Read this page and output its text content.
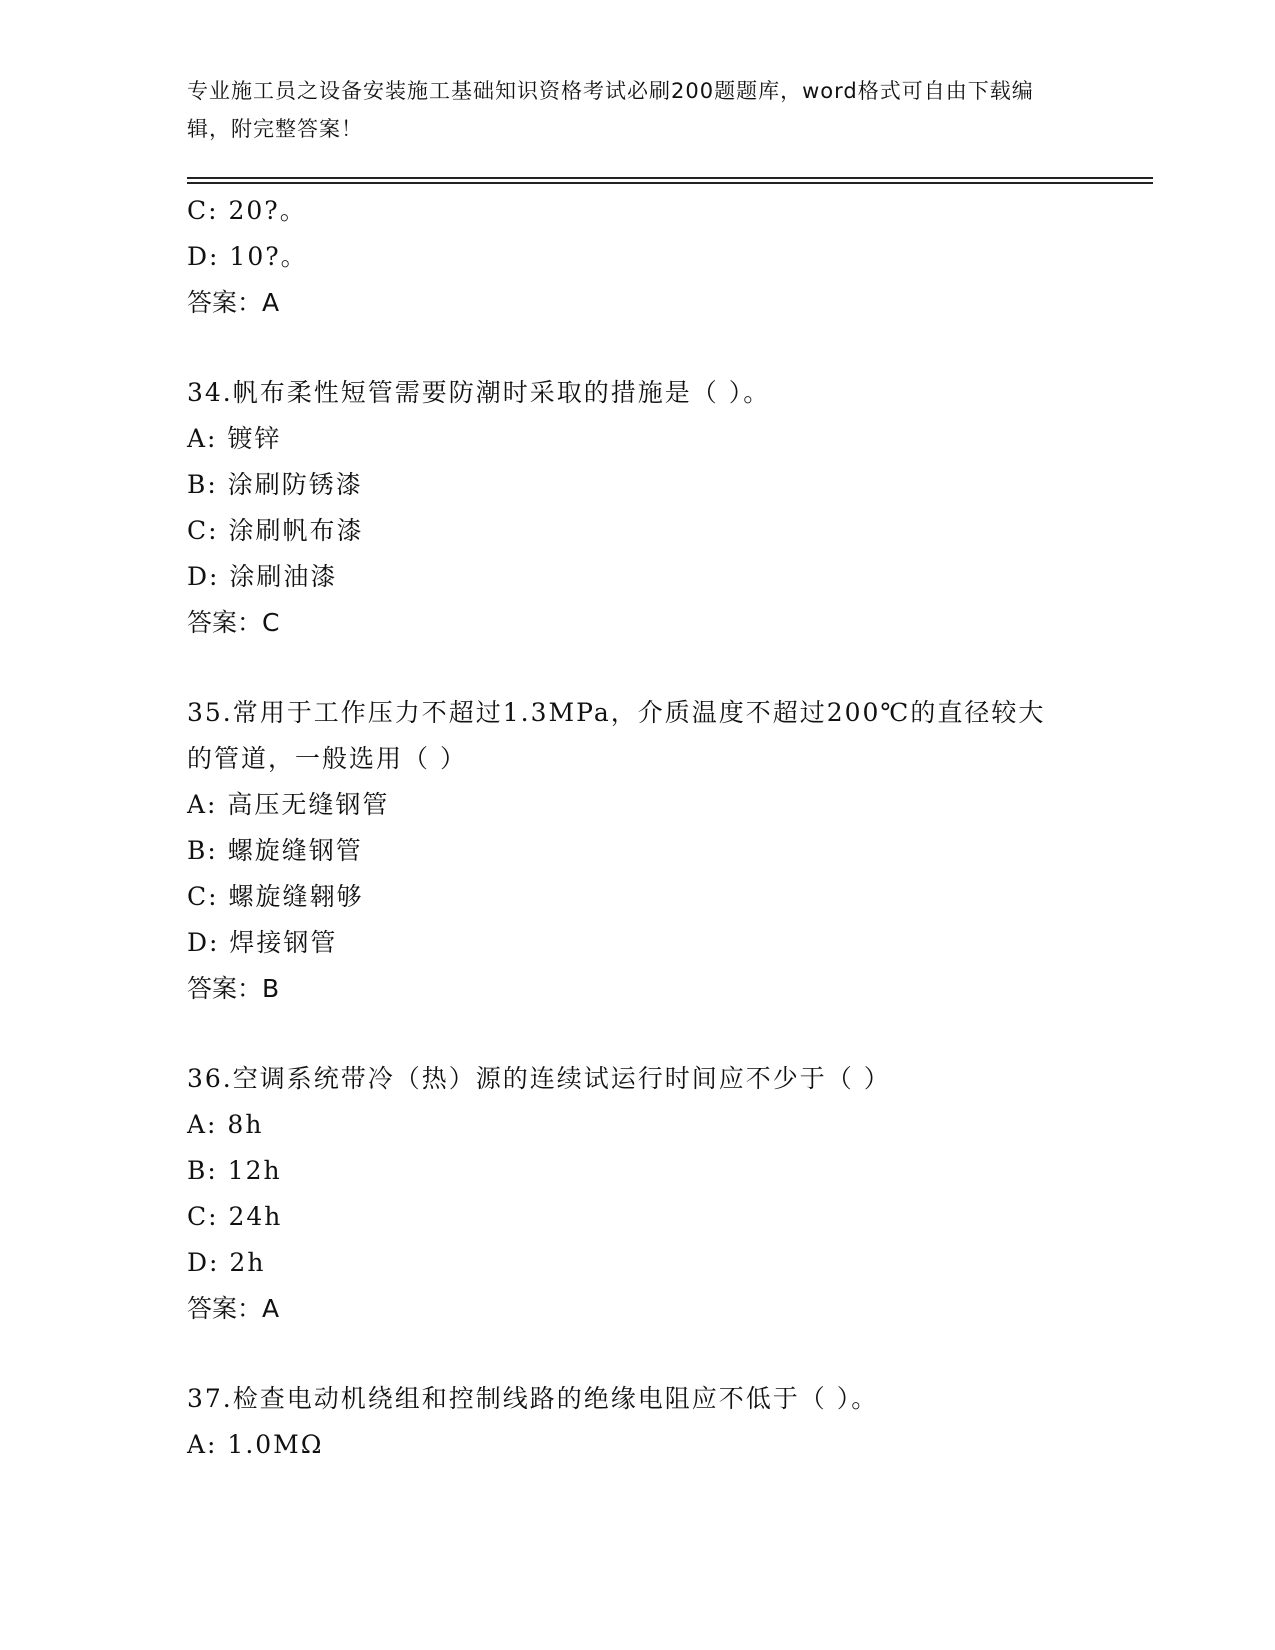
专业施工员之设备安装施工基础知识资格考试必刷200题题库，word格式可自由下载编辑，附完整答案！
C: 20?。
D: 10?。
答案：A
34.帆布柔性短管需要防潮时采取的措施是（ ）。
A: 镀锌
B: 涂刷防锈漆
C: 涂刷帆布漆
D: 涂刷油漆
答案：C
35.常用于工作压力不超过1.3MPa，介质温度不超过200℃的直径较大的管道，一般选用（ ）
A: 高压无缝钢管
B: 螺旋缝钢管
C: 螺旋缝翱够
D: 焊接钢管
答案：B
36.空调系统带冷（热）源的连续试运行时间应不少于（ ）
A: 8h
B: 12h
C: 24h
D: 2h
答案：A
37.检查电动机绕组和控制线路的绝缘电阻应不低于（ ）。
A: 1.0MΩ
